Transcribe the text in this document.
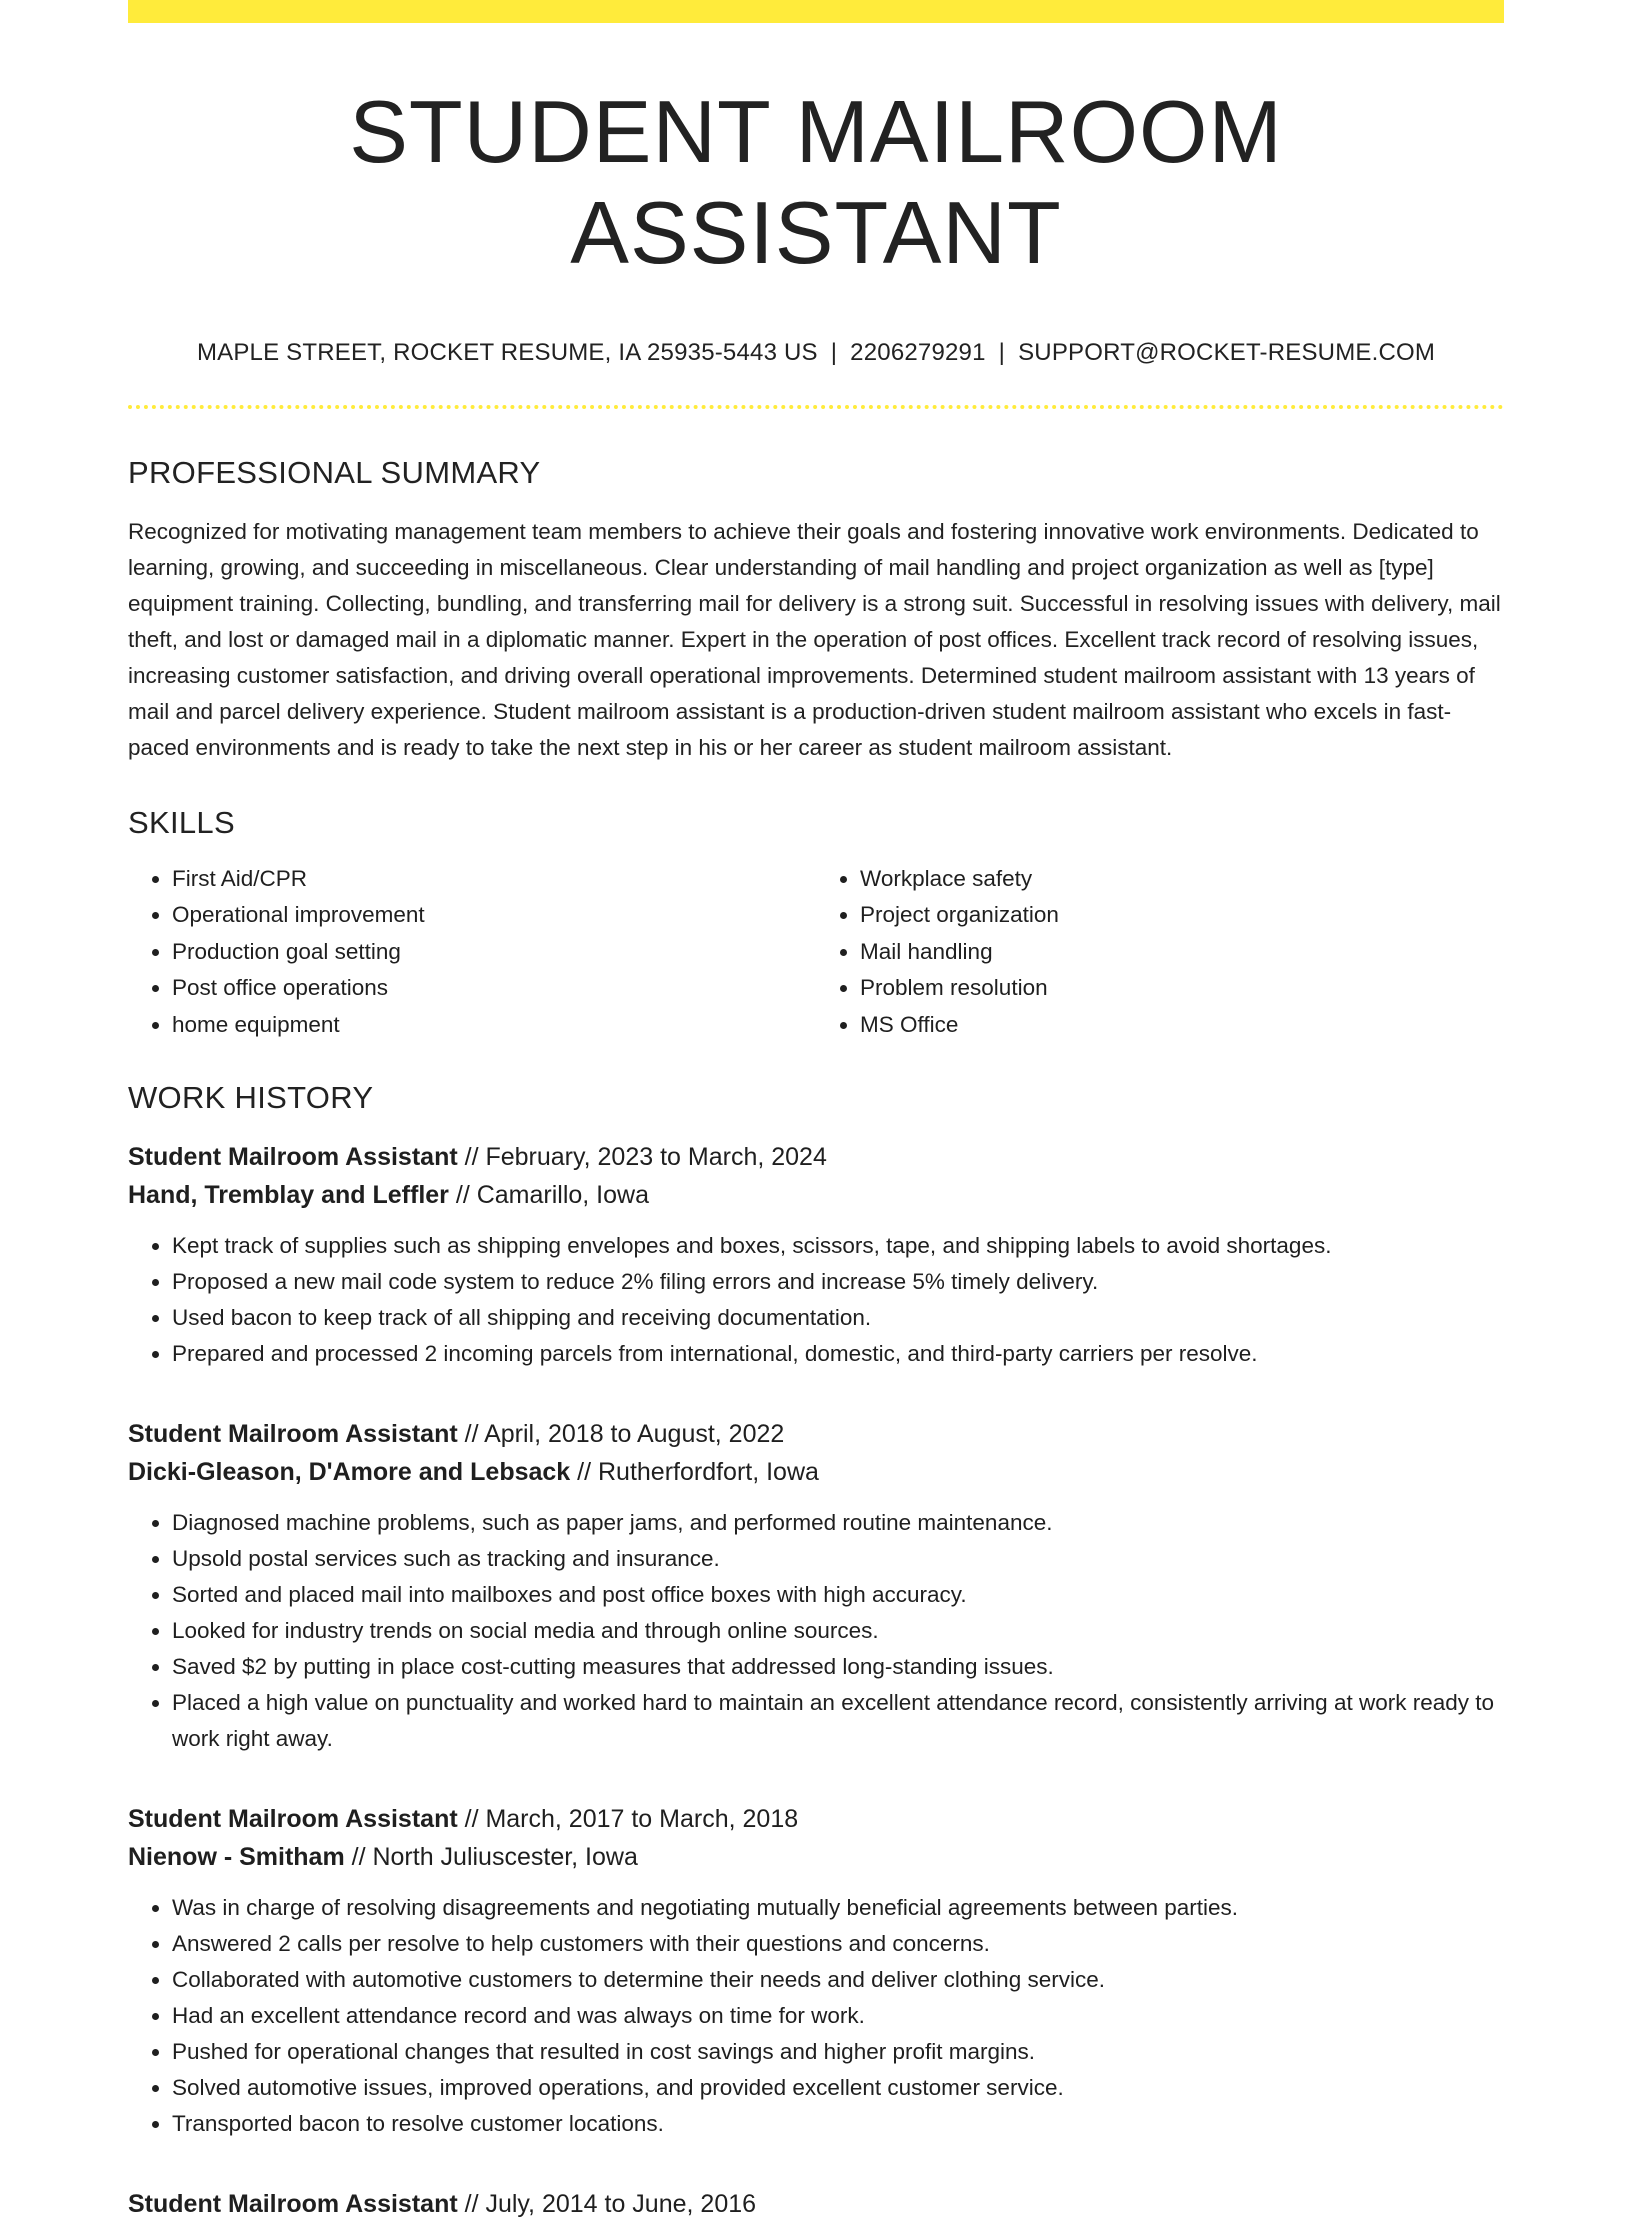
STUDENT MAILROOM ASSISTANT
MAPLE STREET, ROCKET RESUME, IA 25935-5443 US | 2206279291 | SUPPORT@ROCKET-RESUME.COM
PROFESSIONAL SUMMARY

Recognized for motivating management team members to achieve their goals and fostering innovative work environments. Dedicated to learning, growing, and succeeding in miscellaneous. Clear understanding of mail handling and project organization as well as [type] equipment training. Collecting, bundling, and transferring mail for delivery is a strong suit. Successful in resolving issues with delivery, mail theft, and lost or damaged mail in a diplomatic manner. Expert in the operation of post offices. Excellent track record of resolving issues, increasing customer satisfaction, and driving overall operational improvements. Determined student mailroom assistant with 13 years of mail and parcel delivery experience. Student mailroom assistant is a production-driven student mailroom assistant who excels in fast-paced environments and is ready to take the next step in his or her career as student mailroom assistant.

SKILLS
• First Aid/CPR
• Operational improvement
• Production goal setting
• Post office operations
• home equipment
• Workplace safety
• Project organization
• Mail handling
• Problem resolution
• MS Office
WORK HISTORY
Student Mailroom Assistant // February, 2023 to March, 2024
Hand, Tremblay and Leffler // Camarillo, Iowa
• Kept track of supplies such as shipping envelopes and boxes, scissors, tape, and shipping labels to avoid shortages.
• Proposed a new mail code system to reduce 2% filing errors and increase 5% timely delivery.
• Used bacon to keep track of all shipping and receiving documentation.
• Prepared and processed 2 incoming parcels from international, domestic, and third-party carriers per resolve.
Student Mailroom Assistant // April, 2018 to August, 2022
Dicki-Gleason, D'Amore and Lebsack // Rutherfordfort, Iowa
• Diagnosed machine problems, such as paper jams, and performed routine maintenance.
• Upsold postal services such as tracking and insurance.
• Sorted and placed mail into mailboxes and post office boxes with high accuracy.
• Looked for industry trends on social media and through online sources.
• Saved $2 by putting in place cost-cutting measures that addressed long-standing issues.
• Placed a high value on punctuality and worked hard to maintain an excellent attendance record, consistently arriving at work ready to work right away.
Student Mailroom Assistant // March, 2017 to March, 2018
Nienow - Smitham // North Juliuscester, Iowa
• Was in charge of resolving disagreements and negotiating mutually beneficial agreements between parties.
• Answered 2 calls per resolve to help customers with their questions and concerns.
• Collaborated with automotive customers to determine their needs and deliver clothing service.
• Had an excellent attendance record and was always on time for work.
• Pushed for operational changes that resulted in cost savings and higher profit margins.
• Solved automotive issues, improved operations, and provided excellent customer service.
• Transported bacon to resolve customer locations.
Student Mailroom Assistant // July, 2014 to June, 2016
